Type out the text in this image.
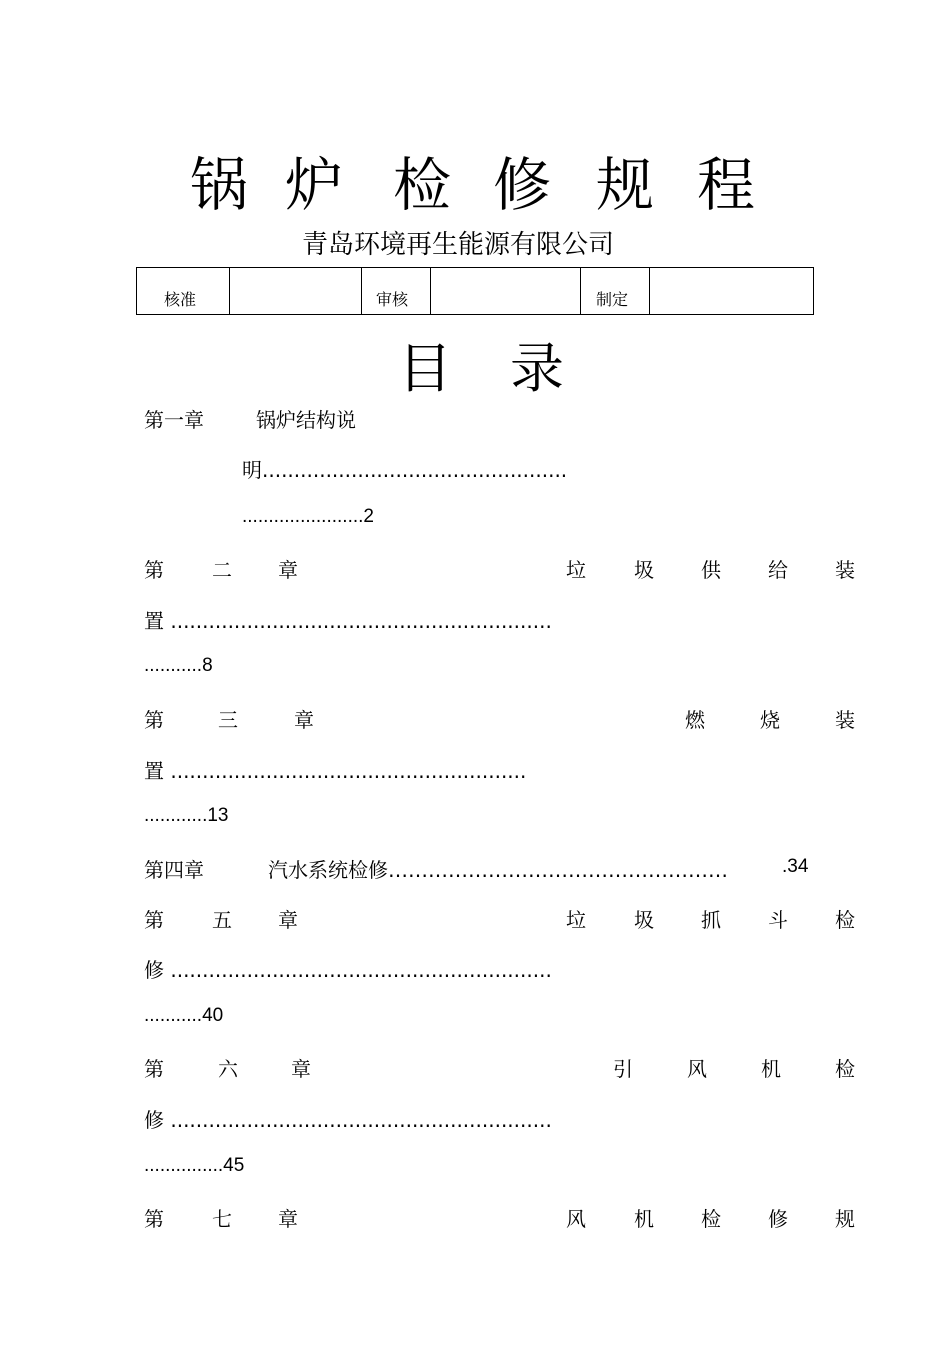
锅 炉 检 修 规 程
青岛环境再生能源有限公司
核准	审核	制定
目 录
第一章	锅炉结构说
明................................................
.......................2
第 二 章	垃 圾 供 给 装
置 ............................................................
...........8
第	三	章	燃	烧	装
置 ........................................................
............13
第四章	汽水系统检修……………………………………………	.34
第 五 章	垃 圾 抓 斗 检
修 ............................................................
...........40
第	六	章	引	风	机	检
修 ............................................................
...............45
第 七 章	风 机 检 修 规
